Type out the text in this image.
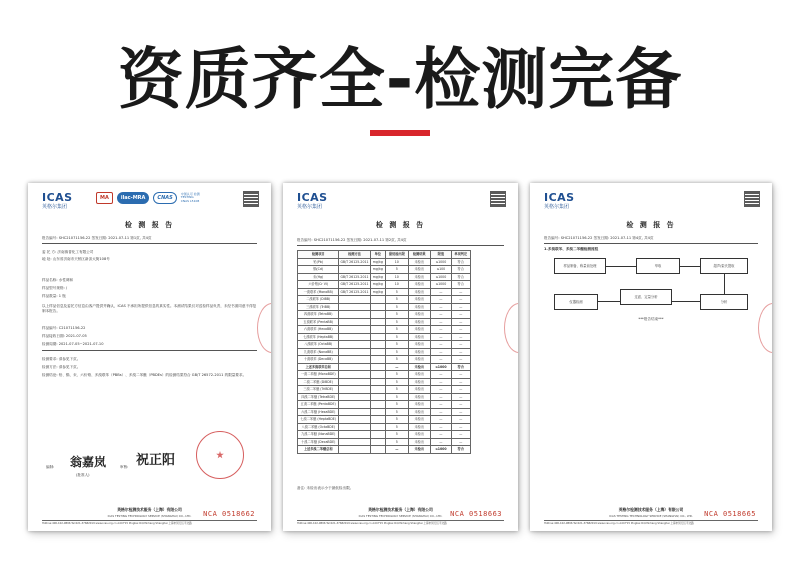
资质齐全-检测完备
ICAS
英格尔集团
MA	ilac-MRA	CNAS
中国认可 检测 TESTING CNAS L5108
检 测 报 告
报告编号: SHC21071156-22 签发日期: 2021-07-11 第1页, 共4页
委 托 方: 济南赛普化工有限公司
地 址: 山东省济南市天桥区新泺大街108号
样品名称: 水性调和
样品型号规格: /
样品数量: 1 瓶
以上样品信息及委托方信息由客户提供并确认，ICAS 不承担所提供信息的真实性。本测试结果仅对送检样品负责，未经书面同意不得复制本报告。
样品编号: C21071156-22
样品接收日期: 2021-07-05
检测周期: 2021-07-05~2021-07-10
检测要求: 请参见下页。
检测方法: 请参见下页。
检测结论: 铅、镉、汞、六价铬、多溴联苯（PBBs）、多溴二苯醚（PBDEs）的检测结果符合 GB/T 26572-2011 的限量要求。
编制: 翁嘉岚
(批准人)
审核: 祝正阳
英格尔检测技术服务（上海）有限公司
ICAS TESTING TECHNOLOGY SERVICE (SHANGHAI) CO., LTD.
Hotline:400-102-9896 Tel:021-37682019 www.icas.org.cn Add:F15 Pingbei Rd,Minhang Shanghai 上海市闵行区平北路
NCA 0518662
ICAS
英格尔集团
检 测 报 告
报告编号: SHC21071156-22 签发日期: 2021-07-11 第2页, 共4页
检测项目	检测方法	单位	最低检出限	检测结果	限值	单项判定
铅(Pb)	GB/T 26125-2011	mg/kg	10	未检出	≤1000	符合
镉(Cd)		mg/kg	5	未检出	≤100	符合
汞(Hg)	GB/T 26125-2011	mg/kg	10	未检出	≤1000	符合
六价铬(Cr VI)	GB/T 26125-2011	mg/kg	10	未检出	≤1000	符合
一溴联苯 (MonoBB)	GB/T 26125-2011	mg/kg	5	未检出	—	—
二溴联苯 (DiBB)			5	未检出	—	—
三溴联苯 (TriBB)			5	未检出	—	—
四溴联苯 (TetraBB)			5	未检出	—	—
五溴联苯 (PentaBB)			5	未检出	—	—
六溴联苯 (HexaBB)			5	未检出	—	—
七溴联苯 (HeptaBB)			5	未检出	—	—
八溴联苯 (OctaBB)			5	未检出	—	—
九溴联苯 (NonaBB)			5	未检出	—	—
十溴联苯 (DecaBB)			5	未检出	—	—
上述多溴联苯总和			—	未检出	≤1000	符合
一溴二苯醚 (MonoBDE)			5	未检出	—	—
二溴二苯醚 (DiBDE)			5	未检出	—	—
三溴二苯醚 (TriBDE)			5	未检出	—	—
四溴二苯醚 (TetraBDE)			5	未检出	—	—
五溴二苯醚 (PentaBDE)			5	未检出	—	—
六溴二苯醚 (HexaBDE)			5	未检出	—	—
七溴二苯醚 (HeptaBDE)			5	未检出	—	—
八溴二苯醚 (OctaBDE)			5	未检出	—	—
九溴二苯醚 (NonaBDE)			5	未检出	—	—
十溴二苯醚 (DecaBDE)			5	未检出	—	—
上述多溴二苯醚总和			—	未检出	≤1000	符合
备注: 未检出表示小于最低检出限。
英格尔检测技术服务（上海）有限公司
ICAS TESTING TECHNOLOGY SERVICE (SHANGHAI) CO., LTD.
Hotline:400-102-9896 Tel:021-37682019 www.icas.org.cn Add:F15 Pingbei Rd,Minhang Shanghai 上海市闵行区平北路
NCA 0518663
ICAS
英格尔集团
检 测 报 告
报告编号: SHC21071156-22 签发日期: 2021-07-11 第4页, 共4页
1.多溴联苯、多溴二苯醚检测流程
样品制备、称量前处理	萃取	超声/索氏提取
分析
仪器检测
过滤、定量分析
***报告结束***
英格尔检测技术服务（上海）有限公司
ICAS TESTING TECHNOLOGY SERVICE (SHANGHAI) CO., LTD.
Hotline:400-102-9896 Tel:021-37682019 www.icas.org.cn Add:F15 Pingbei Rd,Minhang Shanghai 上海市闵行区平北路
NCA 0518665
